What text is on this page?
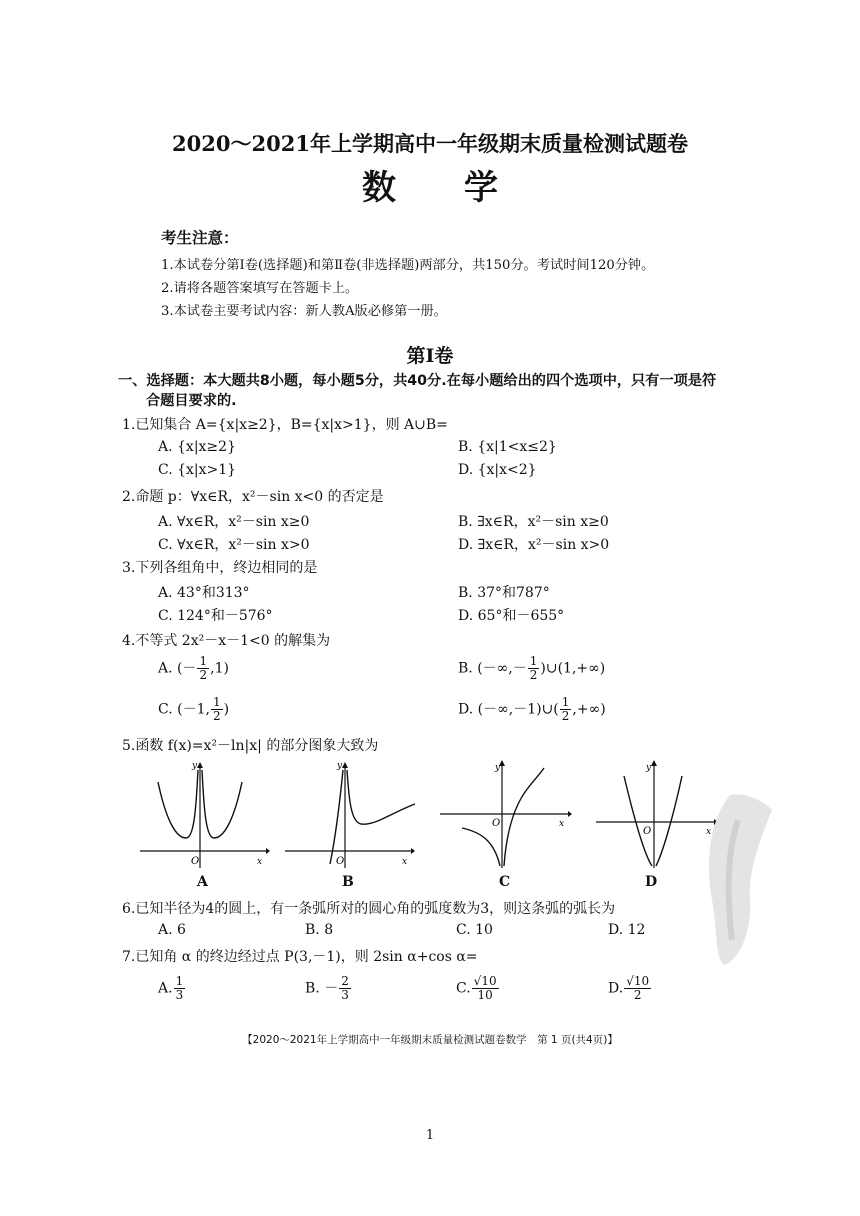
2020～2021年上学期高中一年级期末质量检测试题卷
数　　学
考生注意：
1.本试卷分第Ⅰ卷(选择题)和第Ⅱ卷(非选择题)两部分，共150分。考试时间120分钟。
2.请将各题答案填写在答题卡上。
3.本试卷主要考试内容：新人教A版必修第一册。
第Ⅰ卷
一、选择题：本大题共8小题，每小题5分，共40分.在每小题给出的四个选项中，只有一项是符
合题目要求的.
1.已知集合 A={x|x≥2}，B={x|x>1}，则 A∪B=
A. {x|x≥2}	B. {x|1<x≤2}
C. {x|x>1}	D. {x|x<2}
2.命题 p：∀x∈R，x²－sin x<0 的否定是
A. ∀x∈R，x²－sin x≥0	B. ∃x∈R，x²－sin x≥0
C. ∀x∈R，x²－sin x>0	D. ∃x∈R，x²－sin x>0
3.下列各组角中，终边相同的是
A. 43°和313°	B. 37°和787°
C. 124°和－576°	D. 65°和－655°
4.不等式 2x²－x－1<0 的解集为
A. (－ $\frac{1}{2} ,1$)	B. (－∞,－ $\frac{1}{2}$ )∪(1,+∞)
C. (－1, $\frac{1}{2}$ )	D. (－∞,－1)∪( $\frac{1}{2}$ ,+∞)
5.函数 f(x)=x²－ln|x| 的部分图象大致为
y
x
O
A
y
x
O
B
y
x
O
C
y
x
O
D
6.已知半径为4的圆上，有一条弧所对的圆心角的弧度数为3，则这条弧的弧长为
A. 6	B. 8	C. 10	D. 12
7.已知角 α 的终边经过点 P(3,－1)，则 2sin α+cos α=
A. $\frac{1}{3}$	B. － $\frac{2}{3}$	C. $\frac{√10}{10}$	D. $\frac{√10}{2}$
【2020～2021年上学期高中一年级期末质量检测试题卷数学　第 1 页(共4页)】
1
